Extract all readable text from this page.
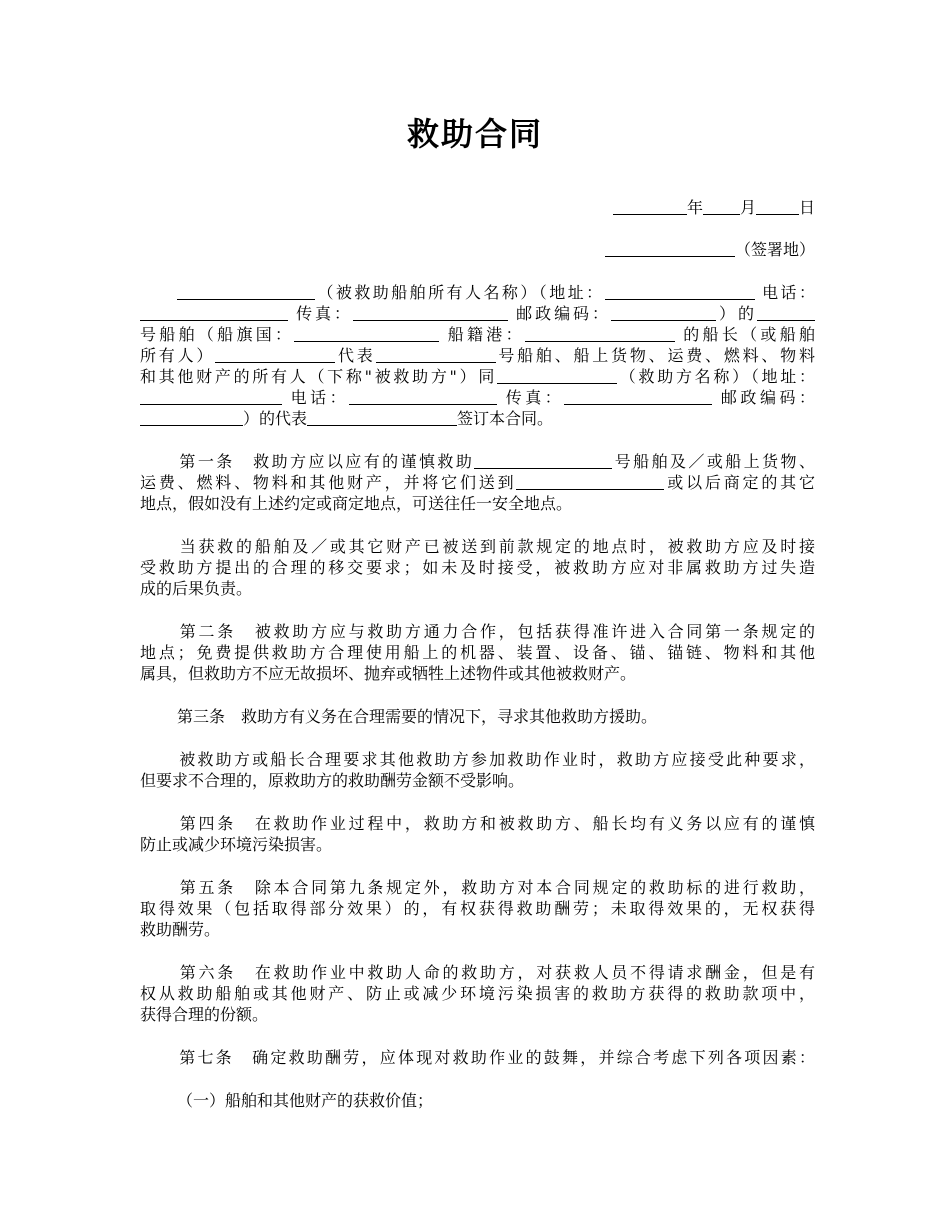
救助合同
年 月	日
（签署地）
（被救助船舶所有人名称）（地址：	电话：
传真：	邮政编码：	）的
号船舶（船旗国：	船籍港：	的船长（或船舶
所有人）	代表	号船舶、船上货物、运费、燃料、物料
和其他财产的所有人（下称"被救助方"）同	（救助方名称）（地址：
电话：	传真：	邮政编码：
）的代表	签订本合同。
第一条　救助方应以应有的谨慎救助	号船舶及／或船上货物、
运费、燃料、物料和其他财产，并将它们送到	或以后商定的其它
地点，假如没有上述约定或商定地点，可送往任一安全地点。
当获救的船舶及／或其它财产已被送到前款规定的地点时，被救助方应及时接
受救助方提出的合理的移交要求；如未及时接受，被救助方应对非属救助方过失造
成的后果负责。
第二条　被救助方应与救助方通力合作，包括获得准许进入合同第一条规定的
地点；免费提供救助方合理使用船上的机器、装置、设备、锚、锚链、物料和其他
属具，但救助方不应无故损坏、抛弃或牺牲上述物件或其他被救财产。
第三条　救助方有义务在合理需要的情况下，寻求其他救助方援助。
被救助方或船长合理要求其他救助方参加救助作业时，救助方应接受此种要求，
但要求不合理的，原救助方的救助酬劳金额不受影响。
第四条　在救助作业过程中，救助方和被救助方、船长均有义务以应有的谨慎
防止或减少环境污染损害。
第五条　除本合同第九条规定外，救助方对本合同规定的救助标的进行救助，
取得效果（包括取得部分效果）的，有权获得救助酬劳；未取得效果的，无权获得
救助酬劳。
第六条　在救助作业中救助人命的救助方，对获救人员不得请求酬金，但是有
权从救助船舶或其他财产、防止或减少环境污染损害的救助方获得的救助款项中，
获得合理的份额。
第七条　确定救助酬劳，应体现对救助作业的鼓舞，并综合考虑下列各项因素：
（一）船舶和其他财产的获救价值；
